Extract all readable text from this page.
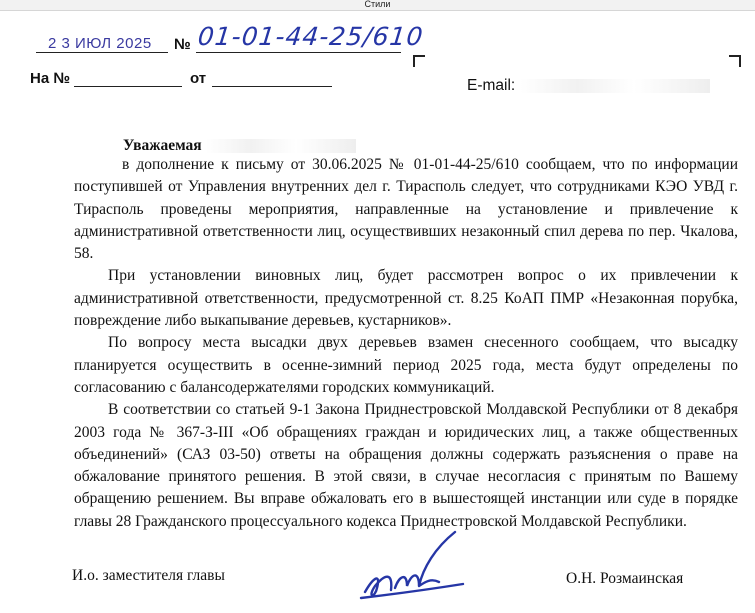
Стили
2 3 ИЮЛ 2025 № 01-01-44-25/610
На №	от	E-mail:
Уважаемая

в дополнение к письму от 30.06.2025 № 01-01-44-25/610 сообщаем, что по информации поступившей от Управления внутренних дел г. Тирасполь следует, что сотрудниками КЭО УВД г. Тирасполь проведены мероприятия, направленные на установление и привлечение к административной ответственности лиц, осуществивших незаконный спил дерева по пер. Чкалова, 58.

При установлении виновных лиц, будет рассмотрен вопрос о их привлечении к административной ответственности, предусмотренной ст. 8.25 КоАП ПМР «Незаконная порубка, повреждение либо выкапывание деревьев, кустарников».

По вопросу места высадки двух деревьев взамен снесенного сообщаем, что высадку планируется осуществить в осенне-зимний период 2025 года, места будут определены по согласованию с балансодержателями городских коммуникаций.

В соответствии со статьей 9-1 Закона Приднестровской Молдавской Республики от 8 декабря 2003 года № 367-З-III «Об обращениях граждан и юридических лиц, а также общественных объединений» (САЗ 03-50) ответы на обращения должны содержать разъяснения о праве на обжалование принятого решения. В этой связи, в случае несогласия с принятым по Вашему обращению решением. Вы вправе обжаловать его в вышестоящей инстанции или суде в порядке главы 28 Гражданского процессуального кодекса Приднестровской Молдавской Республики.

И.о. заместителя главы	О.Н. Розмаинская
